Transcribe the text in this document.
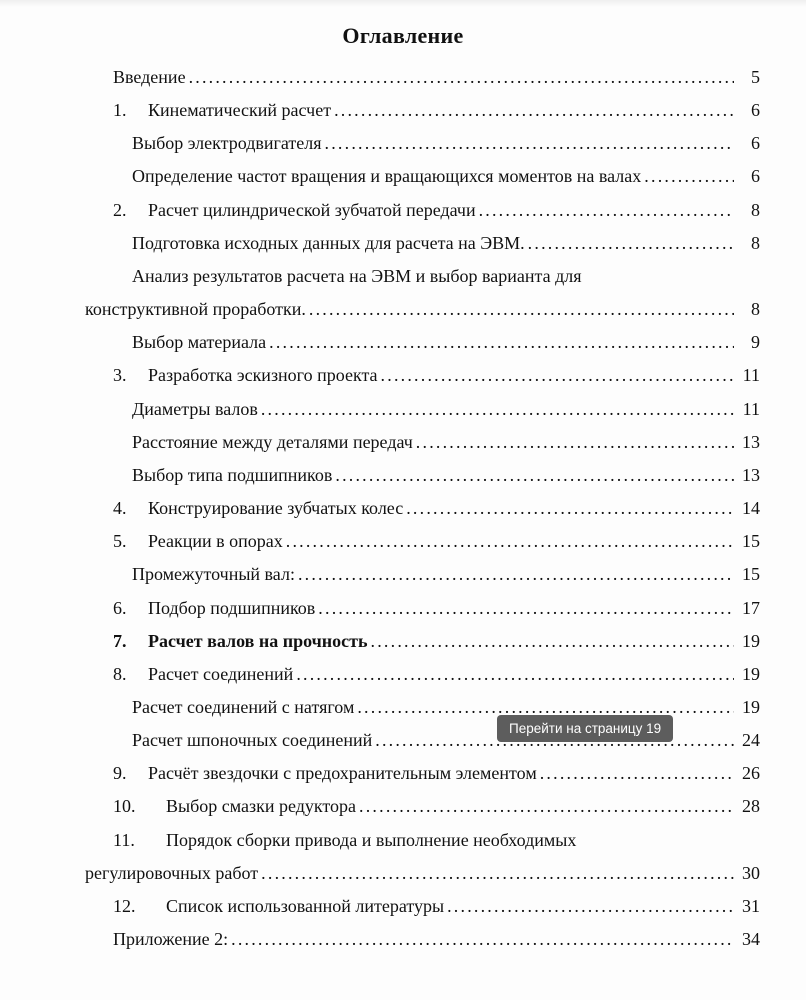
Оглавление
Введение .....	5
1.	Кинематический расчет .....	6
Выбор электродвигателя .....	6
Определение частот вращения и вращающихся моментов на валах .....	6
2.	Расчет цилиндрической зубчатой передачи .....	8
Подготовка исходных данных для расчета на ЭВМ. .....	8
Анализ результатов расчета на ЭВМ и выбор варианта для
конструктивной проработки. .....	8
Выбор материала .....	9
3.	Разработка эскизного проекта .....	11
Диаметры валов .....	11
Расстояние между деталями передач .....	13
Выбор типа подшипников .....	13
4.	Конструирование зубчатых колес .....	14
5.	Реакции в опорах .....	15
Промежуточный вал: .....	15
6.	Подбор подшипников .....	17
7.	Расчет валов на прочность .....	19
8.	Расчет соединений .....	19
Расчет соединений с натягом .....	19
Расчет шпоночных соединений .....	24
9.	Расчёт звездочки с предохранительным элементом .....	26
10.	Выбор смазки редуктора .....	28
11.	Порядок сборки привода и выполнение необходимых
регулировочных работ .....	30
12.	Список использованной литературы .....	31
Приложение 2: .....	34
Перейти на страницу 19
